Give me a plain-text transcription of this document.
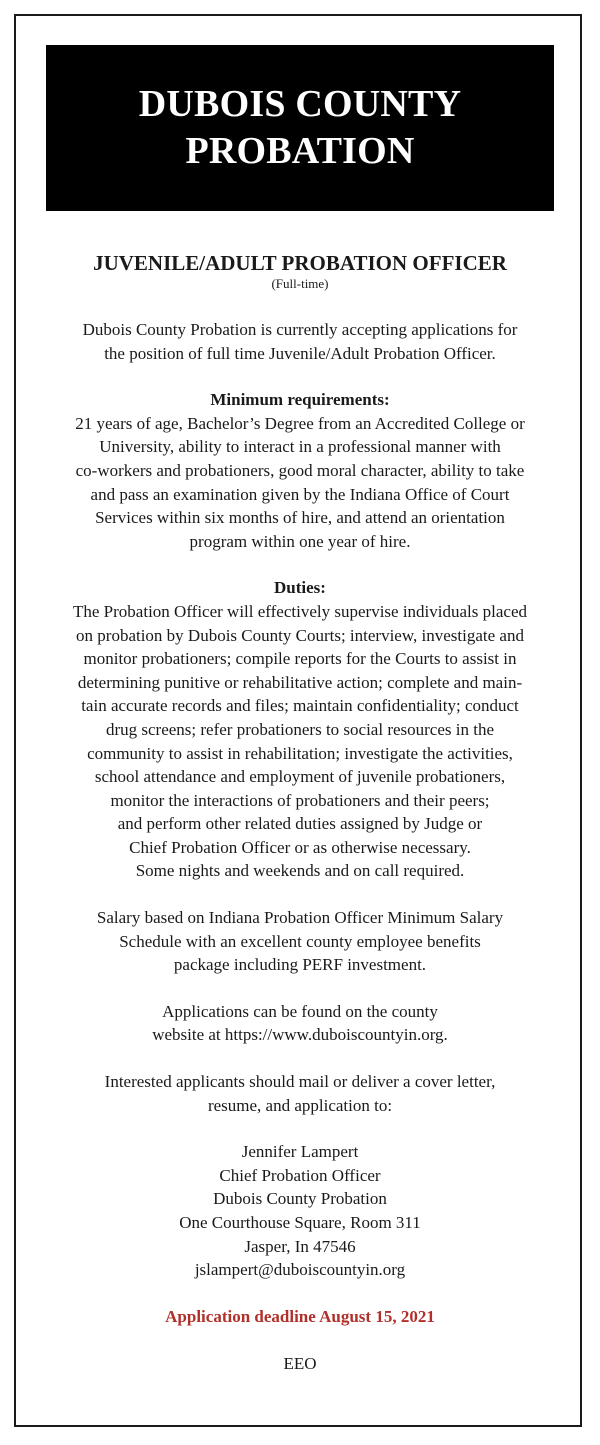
DUBOIS COUNTY
PROBATION
JUVENILE/ADULT PROBATION OFFICER
(Full-time)
Dubois County Probation is currently accepting applications for
the position of full time Juvenile/Adult Probation Officer.
Minimum requirements:
21 years of age, Bachelor’s Degree from an Accredited College or
University, ability to interact in a professional manner with
co-workers and probationers, good moral character, ability to take
and pass an examination given by the Indiana Office of Court
Services within six months of hire, and attend an orientation
program within one year of hire.
Duties:
The Probation Officer will effectively supervise individuals placed
on probation by Dubois County Courts; interview, investigate and
monitor probationers; compile reports for the Courts to assist in
determining punitive or rehabilitative action; complete and main-
tain accurate records and files; maintain confidentiality; conduct
drug screens; refer probationers to social resources in the
community to assist in rehabilitation; investigate the activities,
school attendance and employment of juvenile probationers,
monitor the interactions of probationers and their peers;
and perform other related duties assigned by Judge or
Chief Probation Officer or as otherwise necessary.
Some nights and weekends and on call required.
Salary based on Indiana Probation Officer Minimum Salary
Schedule with an excellent county employee benefits
package including PERF investment.
Applications can be found on the county
website at https://www.duboiscountyin.org.
Interested applicants should mail or deliver a cover letter,
resume, and application to:
Jennifer Lampert
Chief Probation Officer
Dubois County Probation
One Courthouse Square, Room 311
Jasper, In 47546
jslampert@duboiscountyin.org
Application deadline August 15, 2021
EEO
